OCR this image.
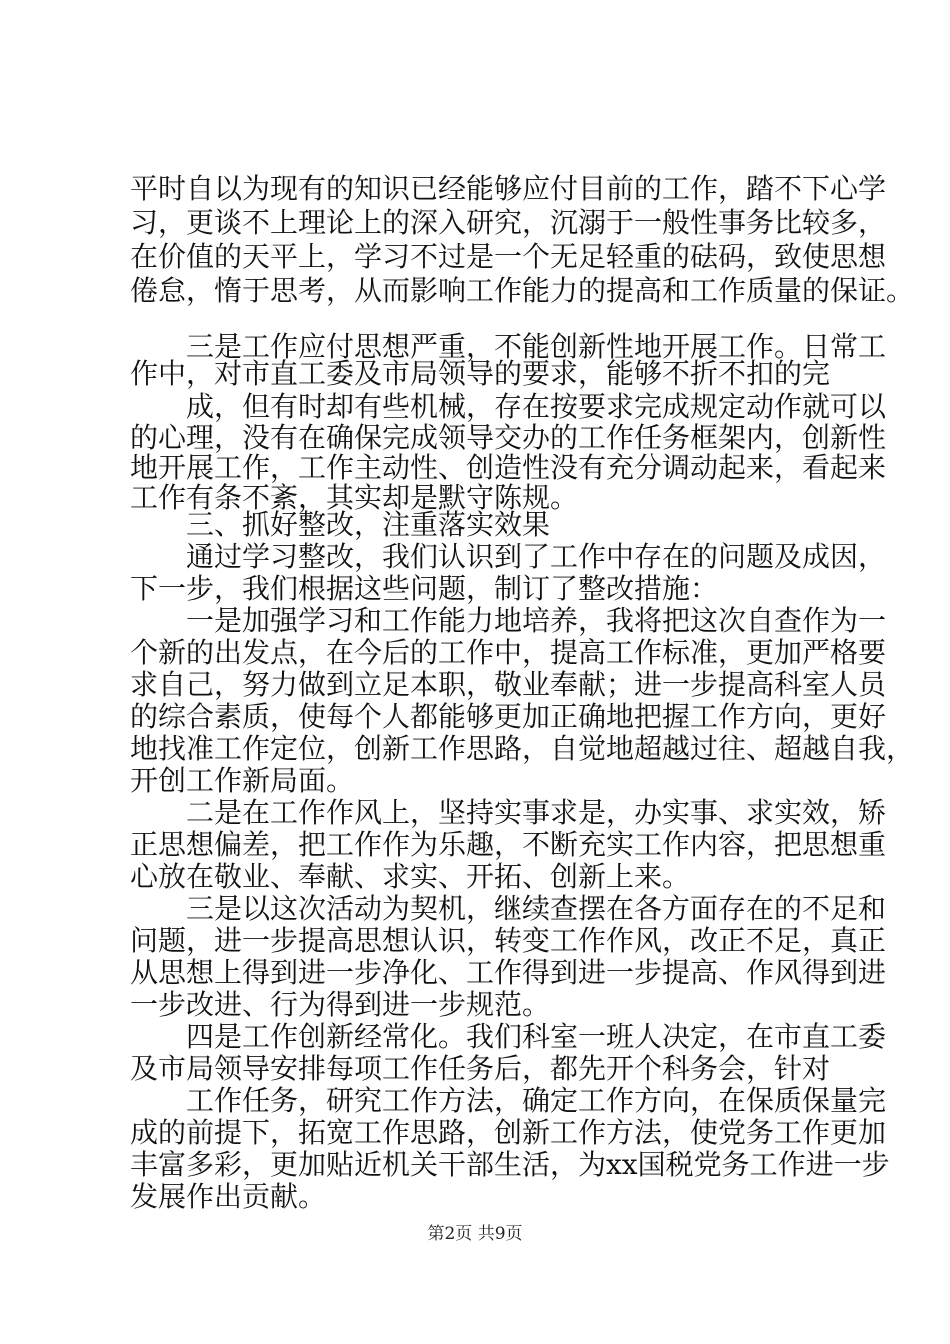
平时自以为现有的知识已经能够应付目前的工作，踏不下心学
习，更谈不上理论上的深入研究，沉溺于一般性事务比较多，
在价值的天平上，学习不过是一个无足轻重的砝码，致使思想
倦怠，惰于思考，从而影响工作能力的提高和工作质量的保证。
　　三是工作应付思想严重，不能创新性地开展工作。日常工
作中，对市直工委及市局领导的要求，能够不折不扣的完
　　成，但有时却有些机械，存在按要求完成规定动作就可以
的心理，没有在确保完成领导交办的工作任务框架内，创新性
地开展工作，工作主动性、创造性没有充分调动起来，看起来
工作有条不紊，其实却是默守陈规。
　　三、抓好整改，注重落实效果
　　通过学习整改，我们认识到了工作中存在的问题及成因，
下一步，我们根据这些问题，制订了整改措施：
　　一是加强学习和工作能力地培养，我将把这次自查作为一
个新的出发点，在今后的工作中，提高工作标准，更加严格要
求自己，努力做到立足本职，敬业奉献；进一步提高科室人员
的综合素质，使每个人都能够更加正确地把握工作方向，更好
地找准工作定位，创新工作思路，自觉地超越过往、超越自我，
开创工作新局面。
　　二是在工作作风上，坚持实事求是，办实事、求实效，矫
正思想偏差，把工作作为乐趣，不断充实工作内容，把思想重
心放在敬业、奉献、求实、开拓、创新上来。
　　三是以这次活动为契机，继续查摆在各方面存在的不足和
问题，进一步提高思想认识，转变工作作风，改正不足，真正
从思想上得到进一步净化、工作得到进一步提高、作风得到进
一步改进、行为得到进一步规范。
　　四是工作创新经常化。我们科室一班人决定，在市直工委
及市局领导安排每项工作任务后，都先开个科务会，针对
　　工作任务，研究工作方法，确定工作方向，在保质保量完
成的前提下，拓宽工作思路，创新工作方法，使党务工作更加
丰富多彩，更加贴近机关干部生活，为xx国税党务工作进一步
发展作出贡献。
第2页 共9页
